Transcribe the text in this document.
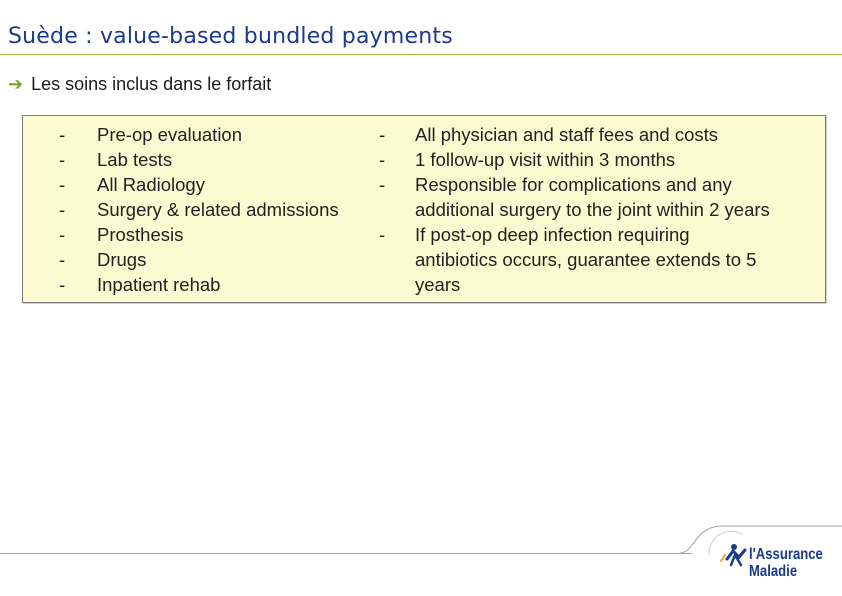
Suède : value-based bundled payments
➔ Les soins inclus dans le forfait
-	Pre-op evaluation
-	Lab tests
-	All Radiology
-	Surgery & related admissions
-	Prosthesis
-	Drugs
-	Inpatient rehab
-	All physician and staff fees and costs
-	1 follow-up visit within 3 months
-	Responsible for complications and any
additional surgery to the joint within 2 years
-	If post-op deep infection requiring
antibiotics occurs, guarantee extends to 5
years
l'Assurance
Maladie
